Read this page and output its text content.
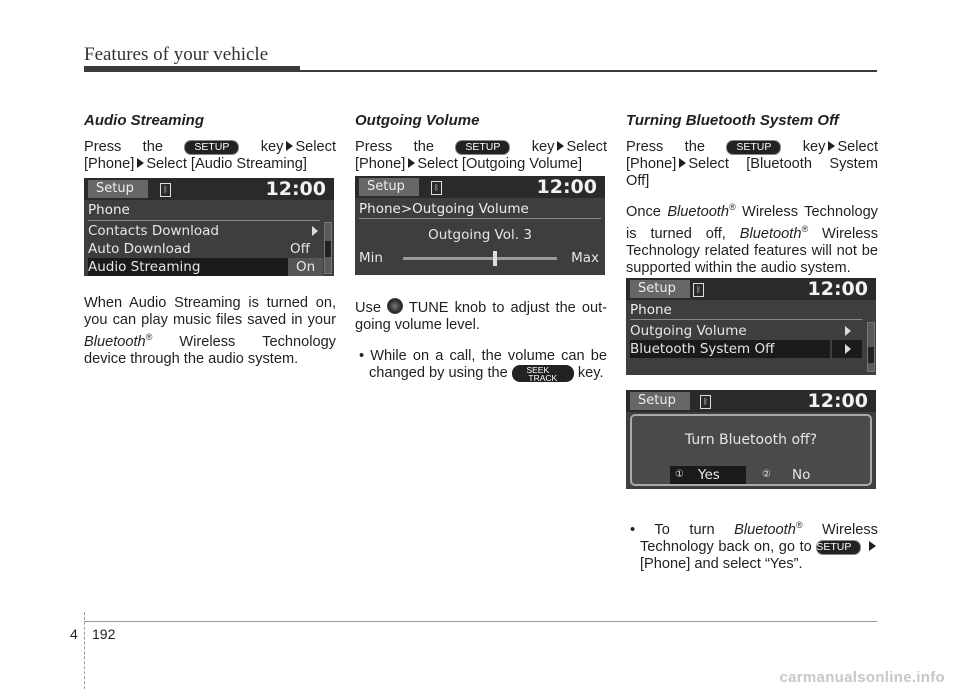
Features of your vehicle
Audio Streaming

Press the	SETUP key Select [Phone] Select [Audio Streaming]

Setup	ᛒ	12:00
Phone
Contacts Download
Auto Download	Off
Audio Streaming	On

When Audio Streaming is turned on, you can play music files saved in your Bluetooth® Wireless Technology device through the audio system.

Outgoing Volume

Press the	SETUP key Select [Phone] Select [Outgoing Volume]

Setup	ᛒ	12:00
Phone>Outgoing Volume
Outgoing Vol. 3
Min	Max

Use TUNE knob to adjust the out-going volume level.

• While on a call, the volume can be changed by using the SEEK
TRACK key.

Turning Bluetooth System Off

Press the	SETUP key Select [Phone] Select [Bluetooth System Off]

Once Bluetooth® Wireless Technology is turned off, Bluetooth® Wireless Technology related features will not be supported within the audio system.

Setup	ᛒ	12:00
Phone
Outgoing Volume
Bluetooth System Off
Setup	ᛒ	12:00
Turn Bluetooth off?
① Yes	② No

• To turn Bluetooth® Wireless Technology back on, go to SETUP [Phone] and select “Yes”.

4 192
carmanualsonline.info
